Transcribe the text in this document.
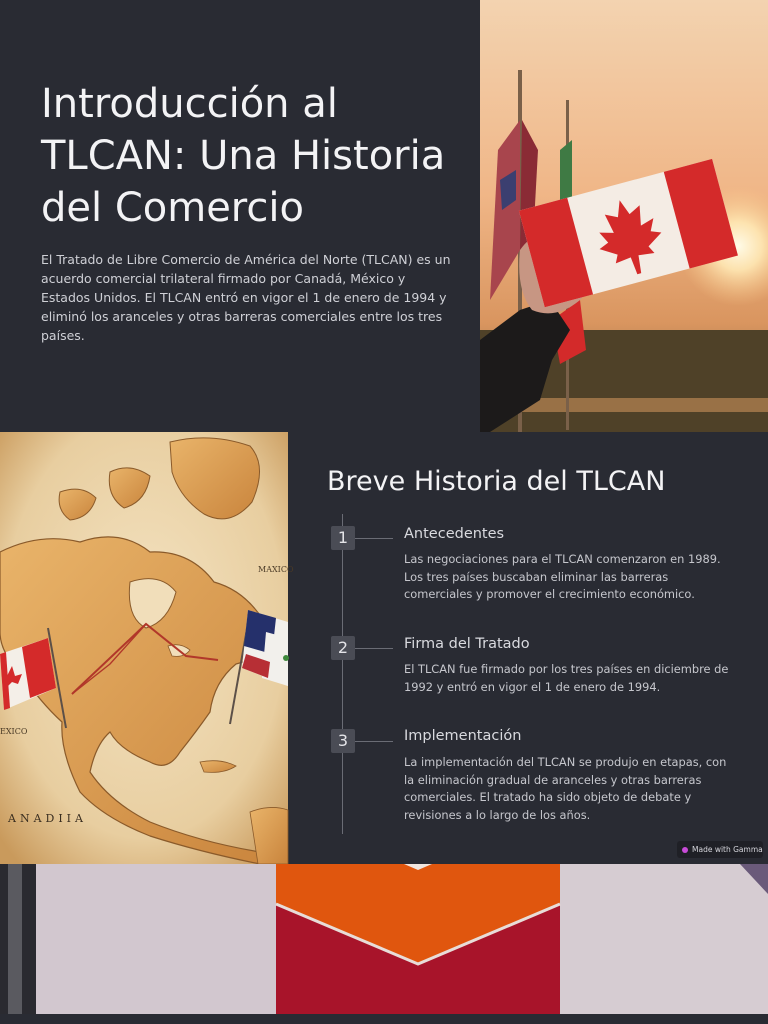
Introducción al TLCAN: Una Historia del Comercio

El Tratado de Libre Comercio de América del Norte (TLCAN) es un acuerdo comercial trilateral firmado por Canadá, México y Estados Unidos. El TLCAN entró en vigor el 1 de enero de 1994 y eliminó los aranceles y otras barreras comerciales entre los tres países.

MAXICO
EXICO
ANADIIA
Breve Historia del TLCAN
1	Antecedentes

Las negociaciones para el TLCAN comenzaron en 1989. Los tres países buscaban eliminar las barreras comerciales y promover el crecimiento económico.

2	Firma del Tratado

El TLCAN fue firmado por los tres países en diciembre de 1992 y entró en vigor el 1 de enero de 1994.

3	Implementación

La implementación del TLCAN se produjo en etapas, con la eliminación gradual de aranceles y otras barreras comerciales. El tratado ha sido objeto de debate y revisiones a lo largo de los años.

Made with Gamma
